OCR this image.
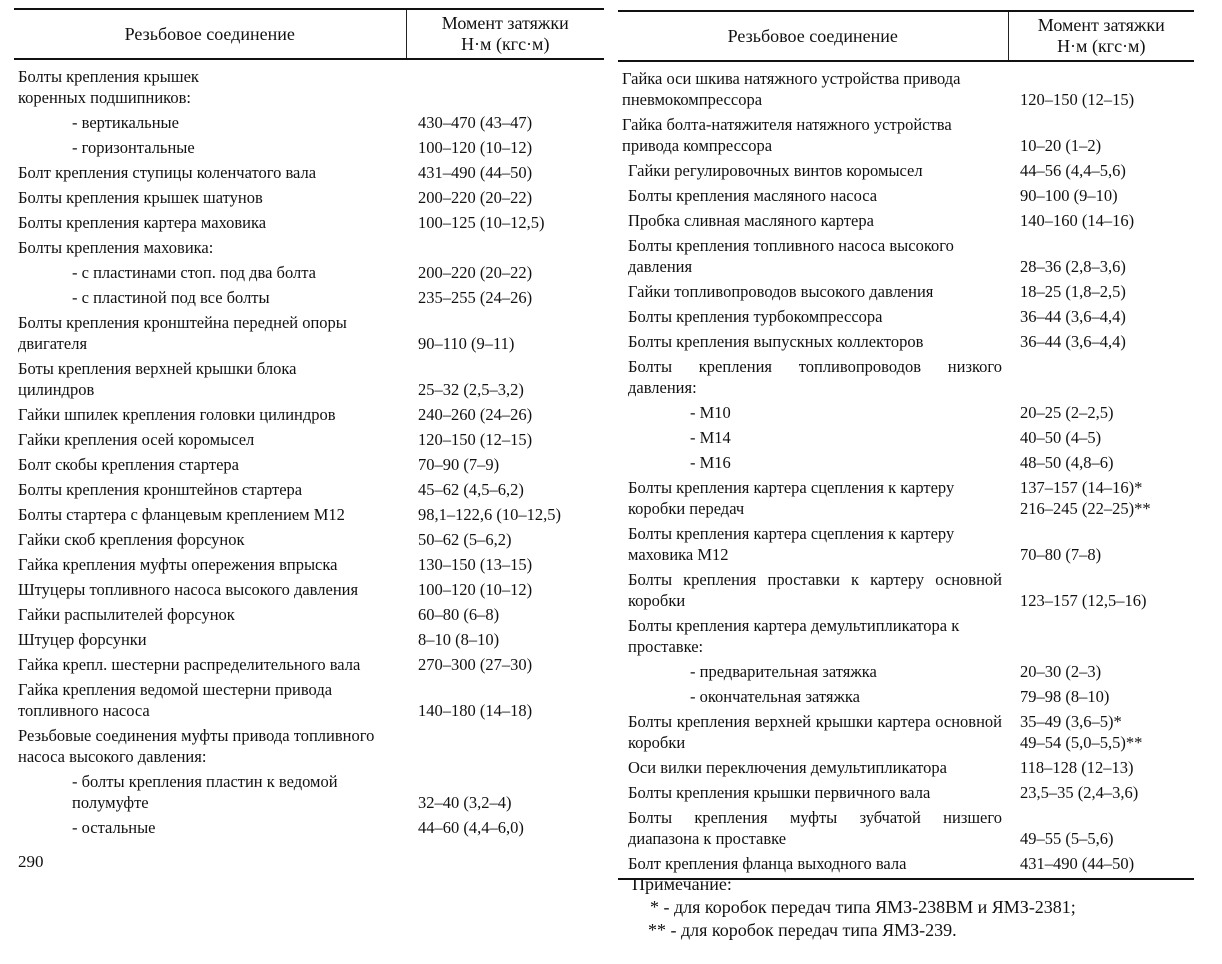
Резьбовое соединение	Момент затяжки
Н·м (кгс·м)

Болты крепления крышек коренных подшипников:	
- вертикальные	430–470 (43–47)
- горизонтальные	100–120 (10–12)
Болт крепления ступицы коленчатого вала	431–490 (44–50)
Болты крепления крышек шатунов	200–220 (20–22)
Болты крепления картера маховика	100–125 (10–12,5)
Болты крепления маховика:	
- с пластинами стоп. под два болта	200–220 (20–22)
- с пластиной под все болты	235–255 (24–26)
Болты крепления кронштейна передней опоры двигателя	90–110 (9–11)
Боты крепления верхней крышки блока цилиндров	25–32 (2,5–3,2)
Гайки шпилек крепления головки цилиндров	240–260 (24–26)
Гайки крепления осей коромысел	120–150 (12–15)
Болт скобы крепления стартера	70–90 (7–9)
Болты крепления кронштейнов стартера	45–62 (4,5–6,2)
Болты стартера с фланцевым креплением М12	98,1–122,6 (10–12,5)
Гайки скоб крепления форсунок	50–62 (5–6,2)
Гайка крепления муфты опережения впрыска	130–150 (13–15)
Штуцеры топливного насоса высокого давления	100–120 (10–12)
Гайки распылителей форсунок	60–80 (6–8)
Штуцер форсунки	8–10 (8–10)
Гайка крепл. шестерни распределительного вала	270–300 (27–30)
Гайка крепления ведомой шестерни привода топливного насоса	140–180 (14–18)
Резьбовые соединения муфты привода топливного насоса высокого давления:	
- болты крепления пластин к ведомой полумуфте	32–40 (3,2–4)
- остальные	44–60 (4,4–6,0)
290
Резьбовое соединение	Момент затяжки
Н·м (кгс·м)

Гайка оси шкива натяжного устройства привода пневмокомпрессора	120–150 (12–15)
Гайка болта-натяжителя натяжного устройства привода компрессора	10–20 (1–2)
Гайки регулировочных винтов коромысел	44–56 (4,4–5,6)
Болты крепления масляного насоса	90–100 (9–10)
Пробка сливная масляного картера	140–160 (14–16)
Болты крепления топливного насоса высокого давления	28–36 (2,8–3,6)
Гайки топливопроводов высокого давления	18–25 (1,8–2,5)
Болты крепления турбокомпрессора	36–44 (3,6–4,4)
Болты крепления выпускных коллекторов	36–44 (3,6–4,4)
Болты крепления топливопроводов низкого давления:	
- М10	20–25 (2–2,5)
- М14	40–50 (4–5)
- М16	48–50 (4,8–6)
Болты крепления картера сцепления к картеру коробки передач	137–157 (14–16)*
216–245 (22–25)**
Болты крепления картера сцепления к картеру маховика М12	70–80 (7–8)
Болты крепления проставки к картеру основной коробки	123–157 (12,5–16)
Болты крепления картера демультипликатора к проставке:	
- предварительная затяжка	20–30 (2–3)
- окончательная затяжка	79–98 (8–10)
Болты крепления верхней крышки картера основной коробки	35–49 (3,6–5)*
49–54 (5,0–5,5)**
Оси вилки переключения демультипликатора	118–128 (12–13)
Болты крепления крышки первичного вала	23,5–35 (2,4–3,6)
Болты крепления муфты зубчатой низшего диапазона к проставке	49–55 (5–5,6)
Болт крепления фланца выходного вала	431–490 (44–50)
Примечание:
* - для коробок передач типа ЯМЗ-238ВМ и ЯМЗ-2381;
** - для коробок передач типа ЯМЗ-239.
